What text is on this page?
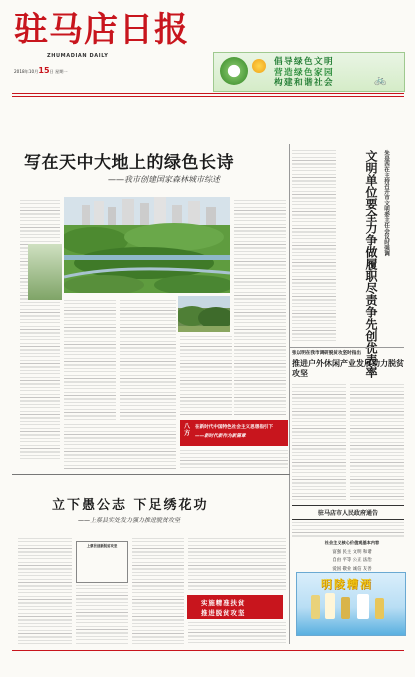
驻马店日报
ZHUMADIAN DAILY
2018年10月15日 星期一
倡导绿色文明
营造绿色家园
构建和谐社会	🚲
写在天中大地上的绿色长诗
——我市创建国家森林城市综述	朱是西在主持召开市文明委主任会议时强调
文明单位要全力争做履职尽责争先创优表率
张以明在我市调研脱贫攻坚时指出
推进户外休闲产业发展助力脱贫攻坚
八方
在新时代中国特色社会主义思想指引下
——新时代新作为新篇章
立下愚公志 下足绣花功
——上蔡县实处发力强力推进脱贫攻坚
上蔡县创新脱贫攻坚
实施精准扶贫
推进脱贫攻坚
驻马店市人民政府通告
社会主义核心价值观基本内容
富强 民主 文明 和谐
自由 平等 公正 法治
爱国 敬业 诚信 友善
明陵糟酒
